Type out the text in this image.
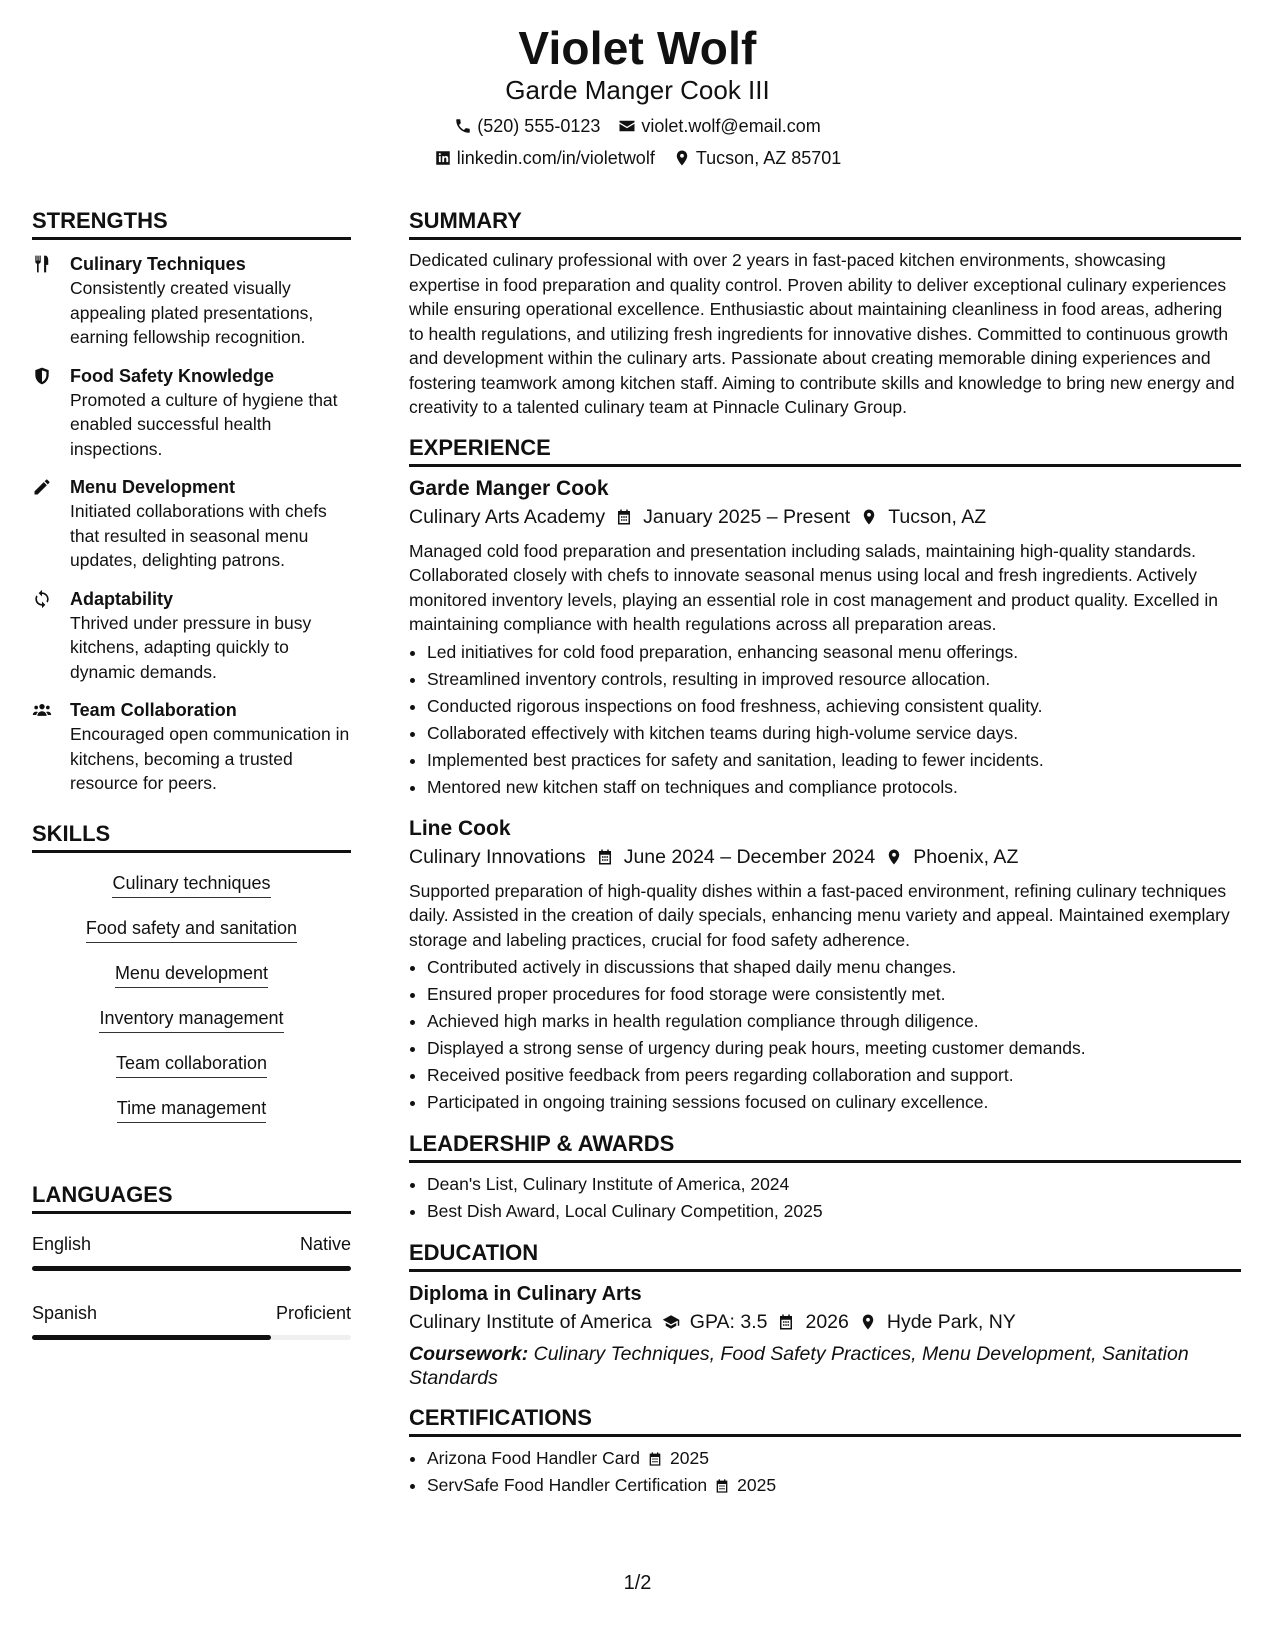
Violet Wolf
Garde Manger Cook III
(520) 555-0123 violet.wolf@email.com
linkedin.com/in/violetwolf Tucson, AZ 85701
STRENGTHS
Culinary Techniques
Consistently created visually appealing plated presentations, earning fellowship recognition.
Food Safety Knowledge
Promoted a culture of hygiene that enabled successful health inspections.
Menu Development
Initiated collaborations with chefs that resulted in seasonal menu updates, delighting patrons.
Adaptability
Thrived under pressure in busy kitchens, adapting quickly to dynamic demands.
Team Collaboration
Encouraged open communication in kitchens, becoming a trusted resource for peers.
SKILLS
Culinary techniques
Food safety and sanitation
Menu development
Inventory management
Team collaboration
Time management
LANGUAGES
English	Native
Spanish	Proficient
SUMMARY

Dedicated culinary professional with over 2 years in fast-paced kitchen environments, showcasing expertise in food preparation and quality control. Proven ability to deliver exceptional culinary experiences while ensuring operational excellence. Enthusiastic about maintaining cleanliness in food areas, adhering to health regulations, and utilizing fresh ingredients for innovative dishes. Committed to continuous growth and development within the culinary arts. Passionate about creating memorable dining experiences and fostering teamwork among kitchen staff. Aiming to contribute skills and knowledge to bring new energy and creativity to a talented culinary team at Pinnacle Culinary Group.

EXPERIENCE
Garde Manger Cook
Culinary Arts Academy January 2025 – Present Tucson, AZ

Managed cold food preparation and presentation including salads, maintaining high-quality standards. Collaborated closely with chefs to innovate seasonal menus using local and fresh ingredients. Actively monitored inventory levels, playing an essential role in cost management and product quality. Excelled in maintaining compliance with health regulations across all preparation areas.

• Led initiatives for cold food preparation, enhancing seasonal menu offerings.
• Streamlined inventory controls, resulting in improved resource allocation.
• Conducted rigorous inspections on food freshness, achieving consistent quality.
• Collaborated effectively with kitchen teams during high-volume service days.
• Implemented best practices for safety and sanitation, leading to fewer incidents.
• Mentored new kitchen staff on techniques and compliance protocols.
Line Cook
Culinary Innovations June 2024 – December 2024 Phoenix, AZ

Supported preparation of high-quality dishes within a fast-paced environment, refining culinary techniques daily. Assisted in the creation of daily specials, enhancing menu variety and appeal. Maintained exemplary storage and labeling practices, crucial for food safety adherence.

• Contributed actively in discussions that shaped daily menu changes.
• Ensured proper procedures for food storage were consistently met.
• Achieved high marks in health regulation compliance through diligence.
• Displayed a strong sense of urgency during peak hours, meeting customer demands.
• Received positive feedback from peers regarding collaboration and support.
• Participated in ongoing training sessions focused on culinary excellence.
LEADERSHIP & AWARDS
• Dean's List, Culinary Institute of America, 2024
• Best Dish Award, Local Culinary Competition, 2025
EDUCATION
Diploma in Culinary Arts
Culinary Institute of America GPA: 3.5 2026 Hyde Park, NY
Coursework: Culinary Techniques, Food Safety Practices, Menu Development, Sanitation Standards
CERTIFICATIONS
• Arizona Food Handler Card 2025
• ServSafe Food Handler Certification 2025
1/2
